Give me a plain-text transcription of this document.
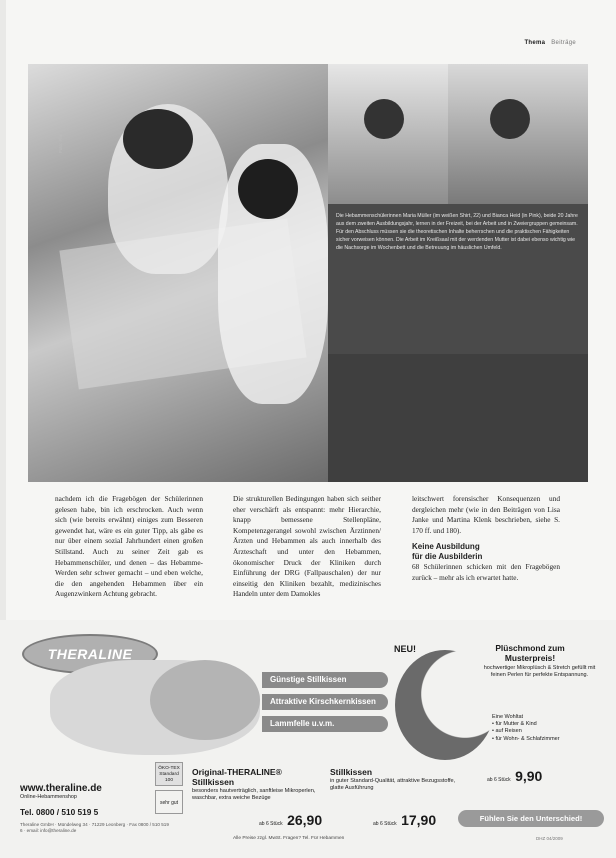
Thema Beiträge
Die Hebammenschülerinnen Maria Müller (im weißen Shirt, 22) und Bianca Heid (in Pink), beide 20 Jahre aus dem zweiten Ausbildungsjahr, lernen in der Freizeit, bei der Arbeit und in Zweiergruppen gemeinsam. Für den Abschluss müssen sie die theoretischen Inhalte beherrschen und die praktischen Fähigkeiten sicher vorweisen können. Die Arbeit im Kreißsaal mit der werdenden Mutter ist dabei ebenso wichtig wie die Nachsorge im Wochenbett und die Betreuung im häuslichen Umfeld.
Foto: Phil
nachdem ich die Fragebögen der Schülerinnen gelesen habe, bin ich erschrocken. Auch wenn sich (wie bereits erwähnt) einiges zum Besseren gewendet hat, wäre es ein guter Tipp, als gäbe es nur über einem soziaI Jahrhundert einen großen Stillstand. Auch zu seiner Zeit gab es Hebammenschüler, und denen – das Hebamme-Werden sehr schwer gemacht – und eben welche, die den angehenden Hebammen über ein Augenzwinkern Achtung gebracht.
Die strukturellen Bedingungen haben sich seither eher verschärft als entspannt: mehr Hierarchie, knapp bemessene Stellenpläne, Kompetenzgerangel sowohl zwischen Ärztinnen/Ärzten und Hebammen als auch innerhalb des Ärzteschaft und unter den Hebammen, ökonomischer Druck der Kliniken durch Einführung der DRG (Fallpauschalen) der nur einseitig den Kliniken bezahlt, medizinisches Handeln unter dem Damokles
leitschwert forensischer Konsequenzen und dergleichen mehr (wie in den Beiträgen von Lisa Janke und Martina Klenk beschrieben, siehe S. 170 ff. und 180).
Keine Ausbildung
für die Ausbilderin
68 Schülerinnen schicken mit den Fragebögen zurück – mehr als ich erwartet hatte.
THERALINE
Günstige Stillkissen
Attraktive Kirschkernkissen
Lammfelle u.v.m.
NEU!	Plüschmond zum Musterpreis!
hochwertiger Mikroplüsch & Stretch gefüllt mit feinen Perlen für perfekte Entspannung.
Eine Wohltat
• für Mutter & Kind
• auf Reisen
• für Wohn- & Schlafzimmer
ab 6 Stück 9,90
www.theraline.de
Online-Hebammenshop
Tel. 0800 / 510 519 5
Theraline GmbH · Mündelweg 34 · 71229 Leonberg · Fax 0800 / 510 519 6 · email: info@theraline.de
ÖKO-TEX Standard 100
sehr gut
Original-THERALINE® Stillkissen
besonders hautverträglich, sanftleise Mikroperlen, waschbar, extra weiche Bezüge
ab 6 Stück 26,90
Stillkissen
in guter Standard-Qualität, attraktive Bezugsstoffe, glatte Ausführung
ab 6 Stück 17,90	Fühlen Sie den Unterschied!
Alle Preise zzgl. MwSt. Fragen? Tel. Für Hebammen	DHZ 04/2009
